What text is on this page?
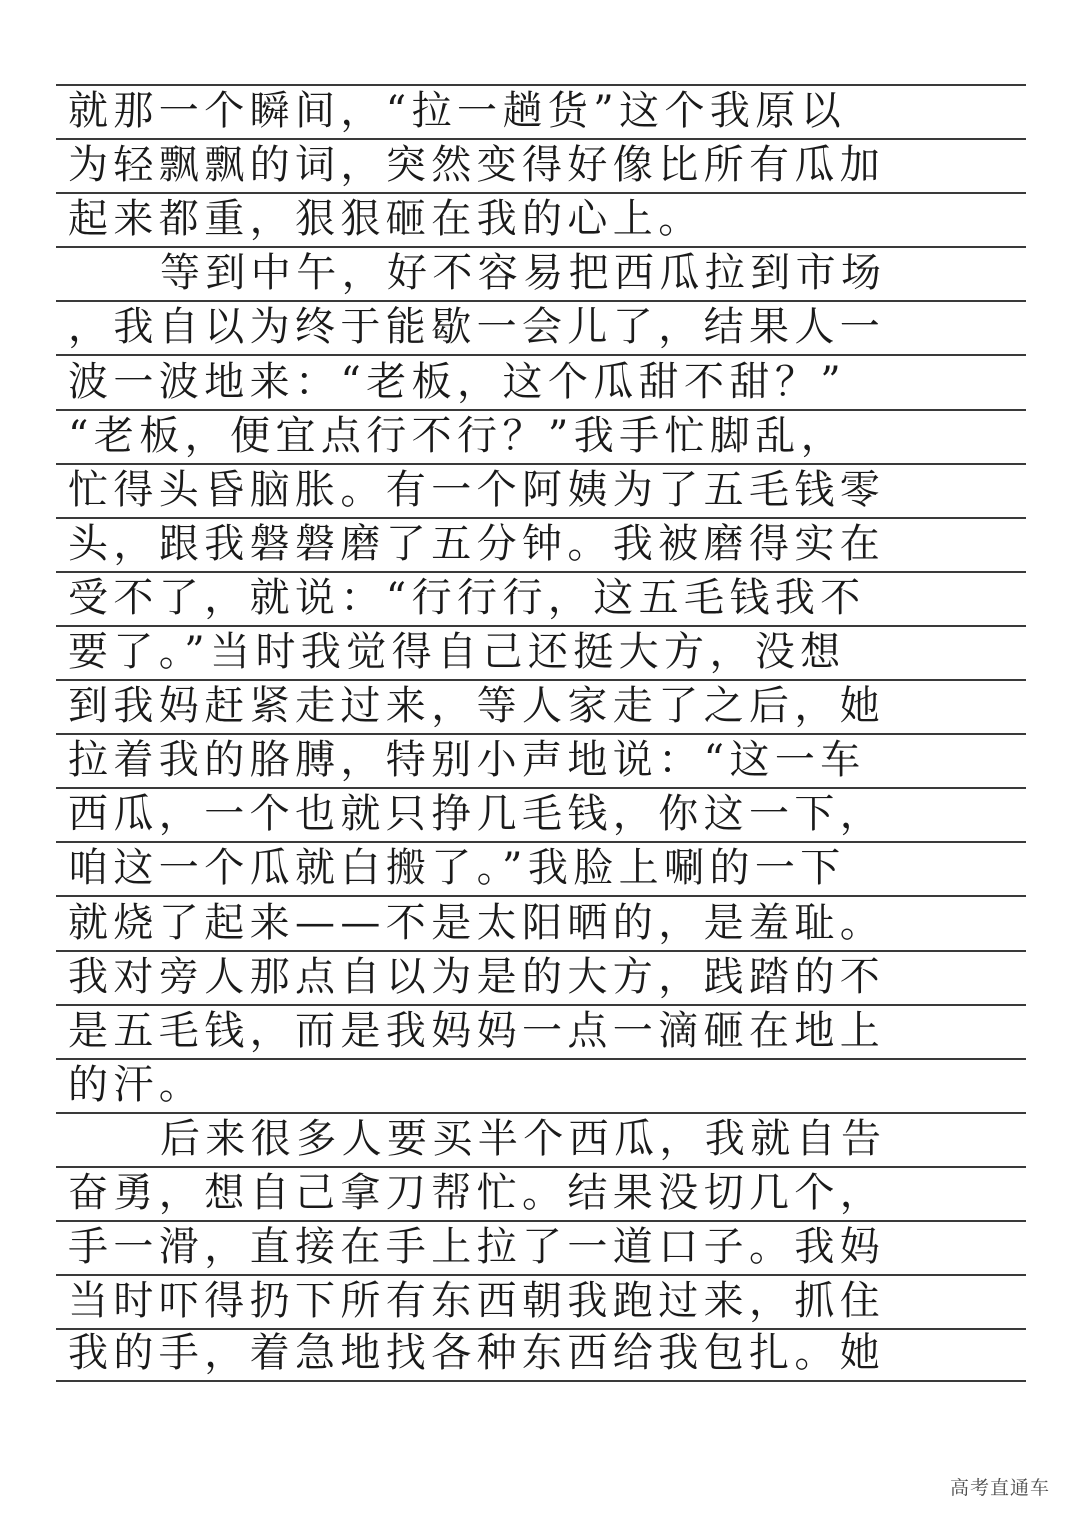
就那一个瞬间，“拉一趟货”这个我原以
为轻飘飘的词，突然变得好像比所有瓜加
起来都重，狠狠砸在我的心上。
等到中午，好不容易把西瓜拉到市场
，我自以为终于能歇一会儿了，结果人一
波一波地来：“老板，这个瓜甜不甜？”
“老板，便宜点行不行？”我手忙脚乱，
忙得头昏脑胀。有一个阿姨为了五毛钱零
头，跟我磐磐磨了五分钟。我被磨得实在
受不了，就说：“行行行，这五毛钱我不
要了。”当时我觉得自己还挺大方，没想
到我妈赶紧走过来，等人家走了之后，她
拉着我的胳膊，特别小声地说：“这一车
西瓜，一个也就只挣几毛钱，你这一下，
咱这一个瓜就白搬了。”我脸上唰的一下
就烧了起来——不是太阳晒的，是羞耻。
我对旁人那点自以为是的大方，践踏的不
是五毛钱，而是我妈妈一点一滴砸在地上
的汗。
后来很多人要买半个西瓜，我就自告
奋勇，想自己拿刀帮忙。结果没切几个，
手一滑，直接在手上拉了一道口子。我妈
当时吓得扔下所有东西朝我跑过来，抓住
我的手，着急地找各种东西给我包扎。她
高考直通车
